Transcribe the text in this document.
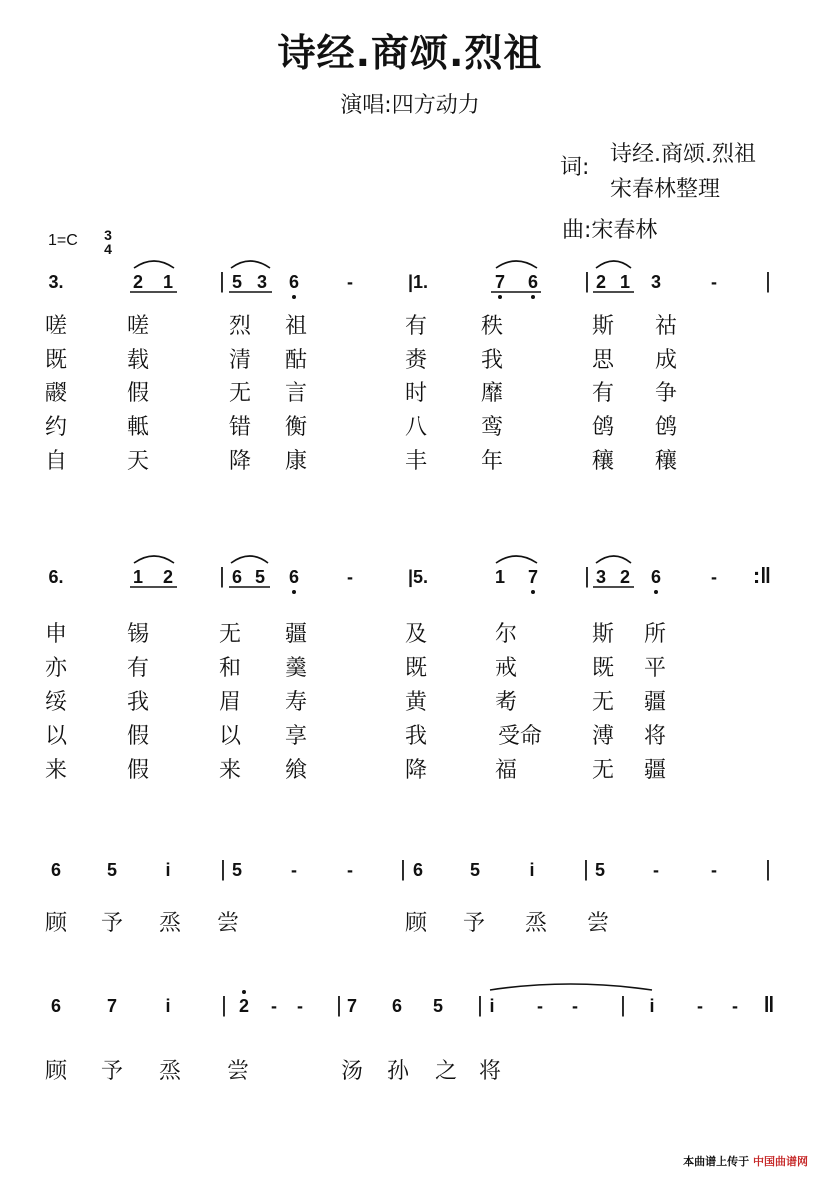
诗经.商颂.烈祖
演唱:四方动力
词:
诗经.商颂.烈祖
宋春林整理
曲:宋春林
1=C 3
4
3.	2 1 | 5 3 6	-	|1.	7 6 | 2 1 3	- |
嗟	嗟	烈 祖	有 秩	斯 祜
既	载	清 酤	赉 我	思 成
鬷	假	无 言	时 靡	有 争
约	軧	错 衡	八 鸾	鸧 鸧
自	天	降 康	丰 年	穰 穰
6.	1 2 | 6 5 6	-	|5.	1 7 | 3 2 6	- :‖
申	锡	无 疆	及	尔	斯 所
亦	有	和 羹	既	戒	既 平
绥	我	眉 寿	黄	耇	无 疆
以	假	以 享	我	受命 溥 将
来	假	来 飨	降	福	无 疆
6	5	i | 5	-	- | 6	5	i | 5	-	- |
顾 予 烝 尝	顾 予 烝 尝
6	7	i | 2 - - | 7 6 5 | i - - | i - - ‖
顾 予 烝 尝	汤 孙 之 将
本曲谱上传于 中国曲谱网
